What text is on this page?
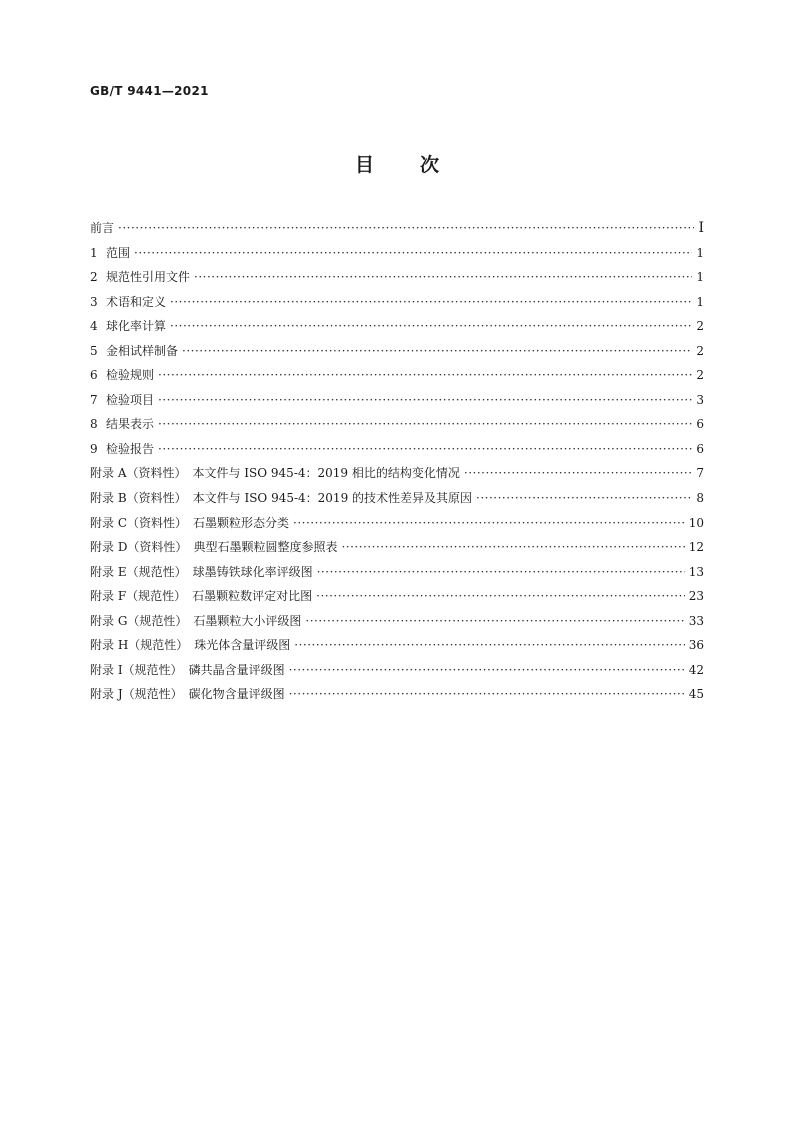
GB/T 9441—2021
目 次
前言 ·····	Ⅰ
1 范围 ·····	1
2 规范性引用文件 ·····	1
3 术语和定义 ·····	1
4 球化率计算 ·····	2
5 金相试样制备 ·····	2
6 检验规则 ·····	2
7 检验项目 ·····	3
8 结果表示 ·····	6
9 检验报告 ·····	6
附录 A（资料性） 本文件与 ISO 945-4：2019 相比的结构变化情况 ·····	7
附录 B（资料性） 本文件与 ISO 945-4：2019 的技术性差异及其原因 ·····	8
附录 C（资料性） 石墨颗粒形态分类 ·····	10
附录 D（资料性） 典型石墨颗粒圆整度参照表 ·····	12
附录 E（规范性） 球墨铸铁球化率评级图 ·····	13
附录 F（规范性） 石墨颗粒数评定对比图 ·····	23
附录 G（规范性） 石墨颗粒大小评级图 ·····	33
附录 H（规范性） 珠光体含量评级图 ·····	36
附录 I（规范性） 磷共晶含量评级图 ·····	42
附录 J（规范性） 碳化物含量评级图 ·····	45
